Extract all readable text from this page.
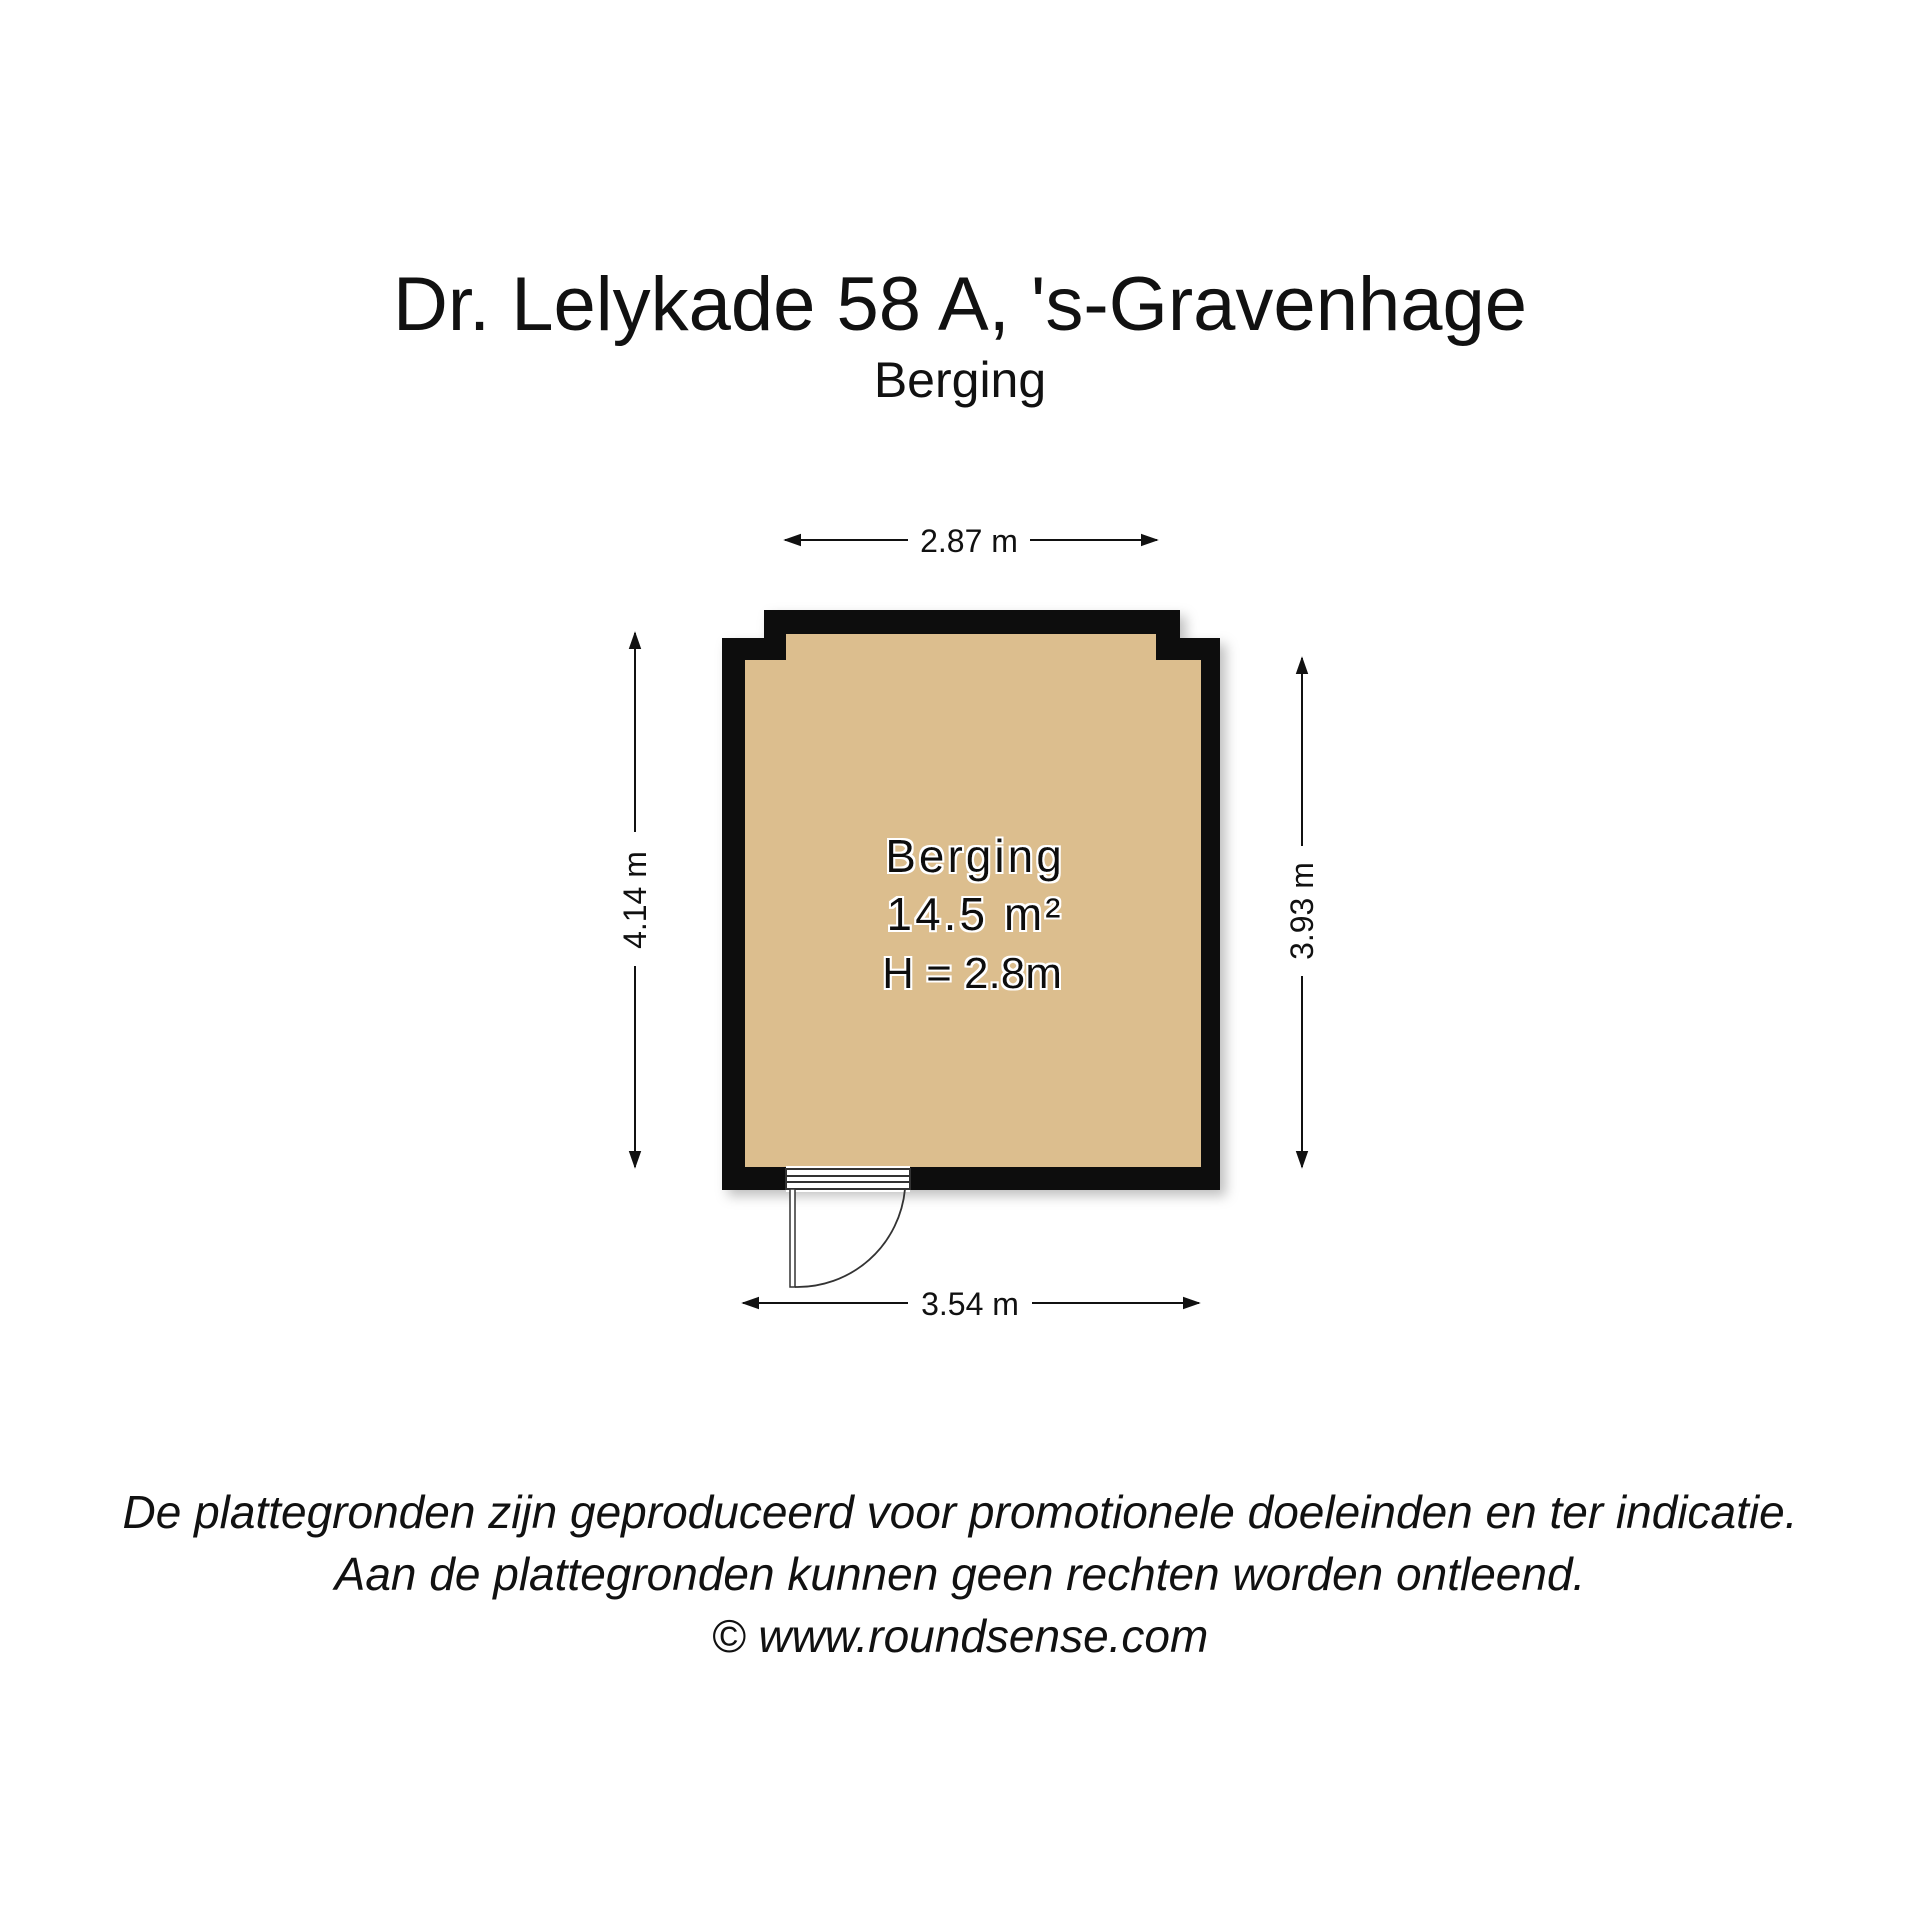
Dr. Lelykade 58 A, 's-Gravenhage
Berging
Berging
14.5 m²
H = 2.8m
2.87 m
3.54 m
4.14 m	3.93 m
De plattegronden zijn geproduceerd voor promotionele doeleinden en ter indicatie.
Aan de plattegronden kunnen geen rechten worden ontleend.
© www.roundsense.com
